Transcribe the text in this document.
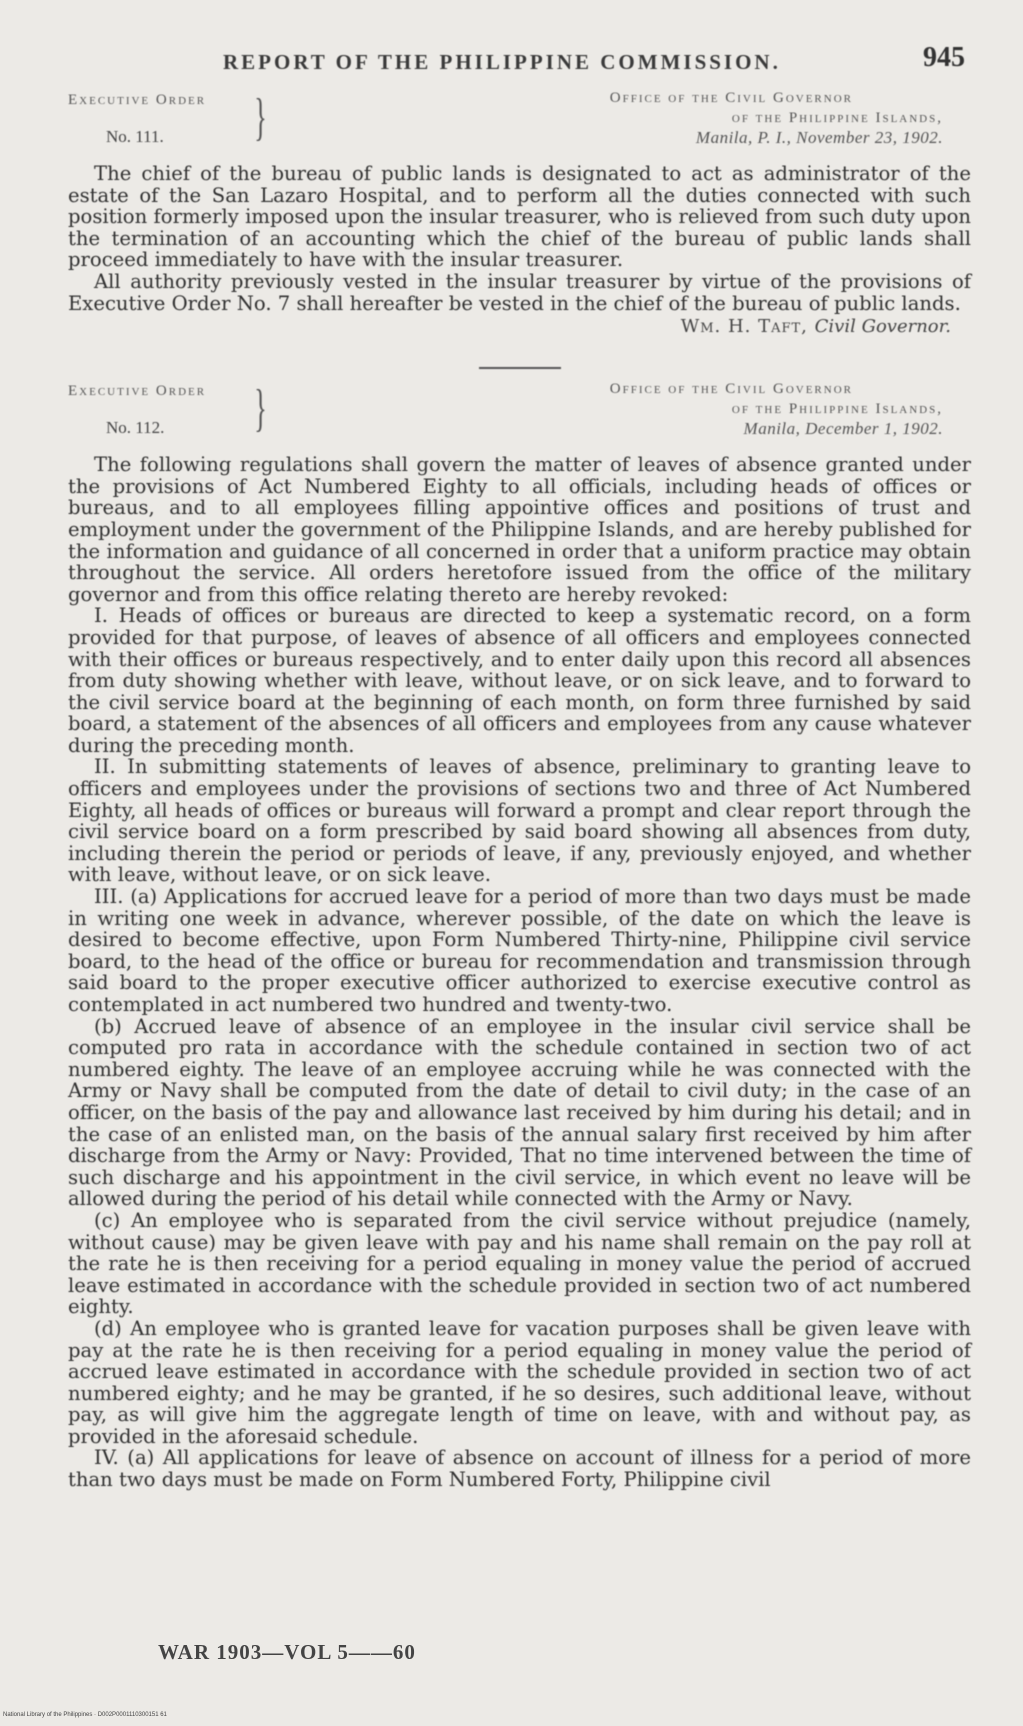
REPORT OF THE PHILIPPINE COMMISSION.	945
Executive Order
No. 111.	}	Office of the Civil Governor
of the Philippine Islands,
Manila, P. I., November 23, 1902.

The chief of the bureau of public lands is designated to act as administrator of the estate of the San Lazaro Hospital, and to perform all the duties connected with such position formerly imposed upon the insular treasurer, who is relieved from such duty upon the termination of an accounting which the chief of the bureau of public lands shall proceed immediately to have with the insular treasurer.

All authority previously vested in the insular treasurer by virtue of the provisions of Executive Order No. 7 shall hereafter be vested in the chief of the bureau of public lands.

Wm. H. Taft, Civil Governor.
Executive Order
No. 112.	}	Office of the Civil Governor
of the Philippine Islands,
Manila, December 1, 1902.

The following regulations shall govern the matter of leaves of absence granted under the provisions of Act Numbered Eighty to all officials, including heads of offices or bureaus, and to all employees filling appointive offices and positions of trust and employment under the government of the Philippine Islands, and are hereby published for the information and guidance of all concerned in order that a uniform practice may obtain throughout the service. All orders heretofore issued from the office of the military governor and from this office relating thereto are hereby revoked:

I. Heads of offices or bureaus are directed to keep a systematic record, on a form provided for that purpose, of leaves of absence of all officers and employees connected with their offices or bureaus respectively, and to enter daily upon this record all absences from duty showing whether with leave, without leave, or on sick leave, and to forward to the civil service board at the beginning of each month, on form three furnished by said board, a statement of the absences of all officers and employees from any cause whatever during the preceding month.

II. In submitting statements of leaves of absence, preliminary to granting leave to officers and employees under the provisions of sections two and three of Act Numbered Eighty, all heads of offices or bureaus will forward a prompt and clear report through the civil service board on a form prescribed by said board showing all absences from duty, including therein the period or periods of leave, if any, previously enjoyed, and whether with leave, without leave, or on sick leave.

III. (a) Applications for accrued leave for a period of more than two days must be made in writing one week in advance, wherever possible, of the date on which the leave is desired to become effective, upon Form Numbered Thirty-nine, Philippine civil service board, to the head of the office or bureau for recommendation and transmission through said board to the proper executive officer authorized to exercise executive control as contemplated in act numbered two hundred and twenty-two.

(b) Accrued leave of absence of an employee in the insular civil service shall be computed pro rata in accordance with the schedule contained in section two of act numbered eighty. The leave of an employee accruing while he was connected with the Army or Navy shall be computed from the date of detail to civil duty; in the case of an officer, on the basis of the pay and allowance last received by him during his detail; and in the case of an enlisted man, on the basis of the annual salary first received by him after discharge from the Army or Navy: Provided, That no time intervened between the time of such discharge and his appointment in the civil service, in which event no leave will be allowed during the period of his detail while connected with the Army or Navy.

(c) An employee who is separated from the civil service without prejudice (namely, without cause) may be given leave with pay and his name shall remain on the pay roll at the rate he is then receiving for a period equaling in money value the period of accrued leave estimated in accordance with the schedule provided in section two of act numbered eighty.

(d) An employee who is granted leave for vacation purposes shall be given leave with pay at the rate he is then receiving for a period equaling in money value the period of accrued leave estimated in accordance with the schedule provided in section two of act numbered eighty; and he may be granted, if he so desires, such additional leave, without pay, as will give him the aggregate length of time on leave, with and without pay, as provided in the aforesaid schedule.

IV. (a) All applications for leave of absence on account of illness for a period of more than two days must be made on Form Numbered Forty, Philippine civil

WAR 1903—VOL 5——60
National Library of the Philippines · D002P0001110300151 61
